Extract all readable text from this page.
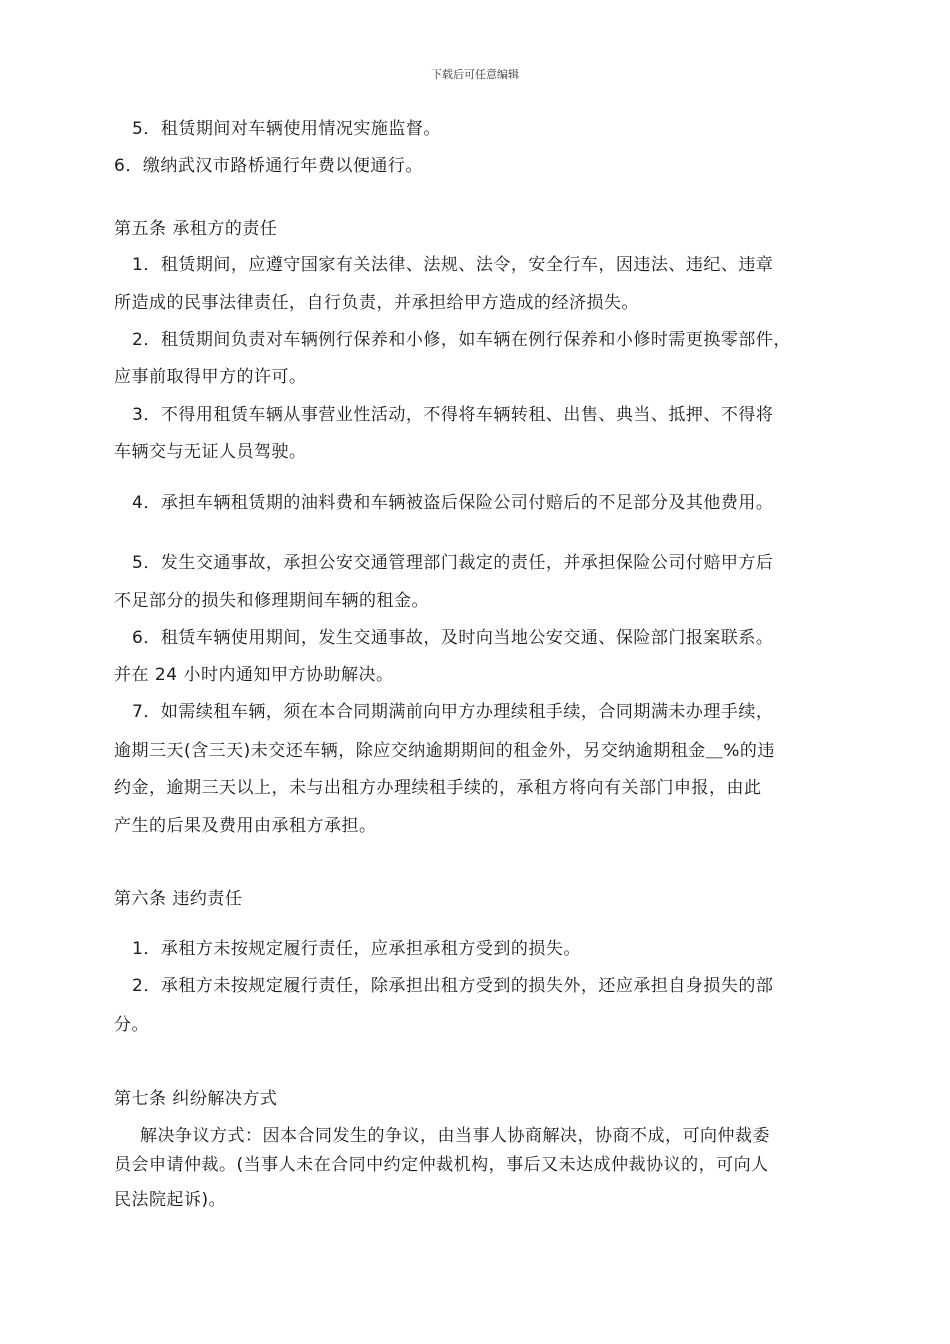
下载后可任意编辑
5．租赁期间对车辆使用情况实施监督。
6．缴纳武汉市路桥通行年费以便通行。
第五条 承租方的责任
1．租赁期间，应遵守国家有关法律、法规、法令，安全行车，因违法、违纪、违章
所造成的民事法律责任，自行负责，并承担给甲方造成的经济损失。
2．租赁期间负责对车辆例行保养和小修，如车辆在例行保养和小修时需更换零部件，
应事前取得甲方的许可。
3．不得用租赁车辆从事营业性活动，不得将车辆转租、出售、典当、抵押、不得将
车辆交与无证人员驾驶。
4．承担车辆租赁期的油料费和车辆被盗后保险公司付赔后的不足部分及其他费用。
5．发生交通事故，承担公安交通管理部门裁定的责任，并承担保险公司付赔甲方后
不足部分的损失和修理期间车辆的租金。
6．租赁车辆使用期间，发生交通事故，及时向当地公安交通、保险部门报案联系。
并在 24 小时内通知甲方协助解决。
7．如需续租车辆，须在本合同期满前向甲方办理续租手续，合同期满未办理手续，
逾期三天(含三天)未交还车辆，除应交纳逾期期间的租金外，另交纳逾期租金＿%的违
约金，逾期三天以上，未与出租方办理续租手续的，承租方将向有关部门申报，由此
产生的后果及费用由承租方承担。
第六条 违约责任
1．承租方未按规定履行责任，应承担承租方受到的损失。
2．承租方未按规定履行责任，除承担出租方受到的损失外，还应承担自身损失的部
分。
第七条 纠纷解决方式
解决争议方式：因本合同发生的争议，由当事人协商解决，协商不成，可向仲裁委
员会申请仲裁。(当事人未在合同中约定仲裁机构，事后又未达成仲裁协议的，可向人
民法院起诉)。
